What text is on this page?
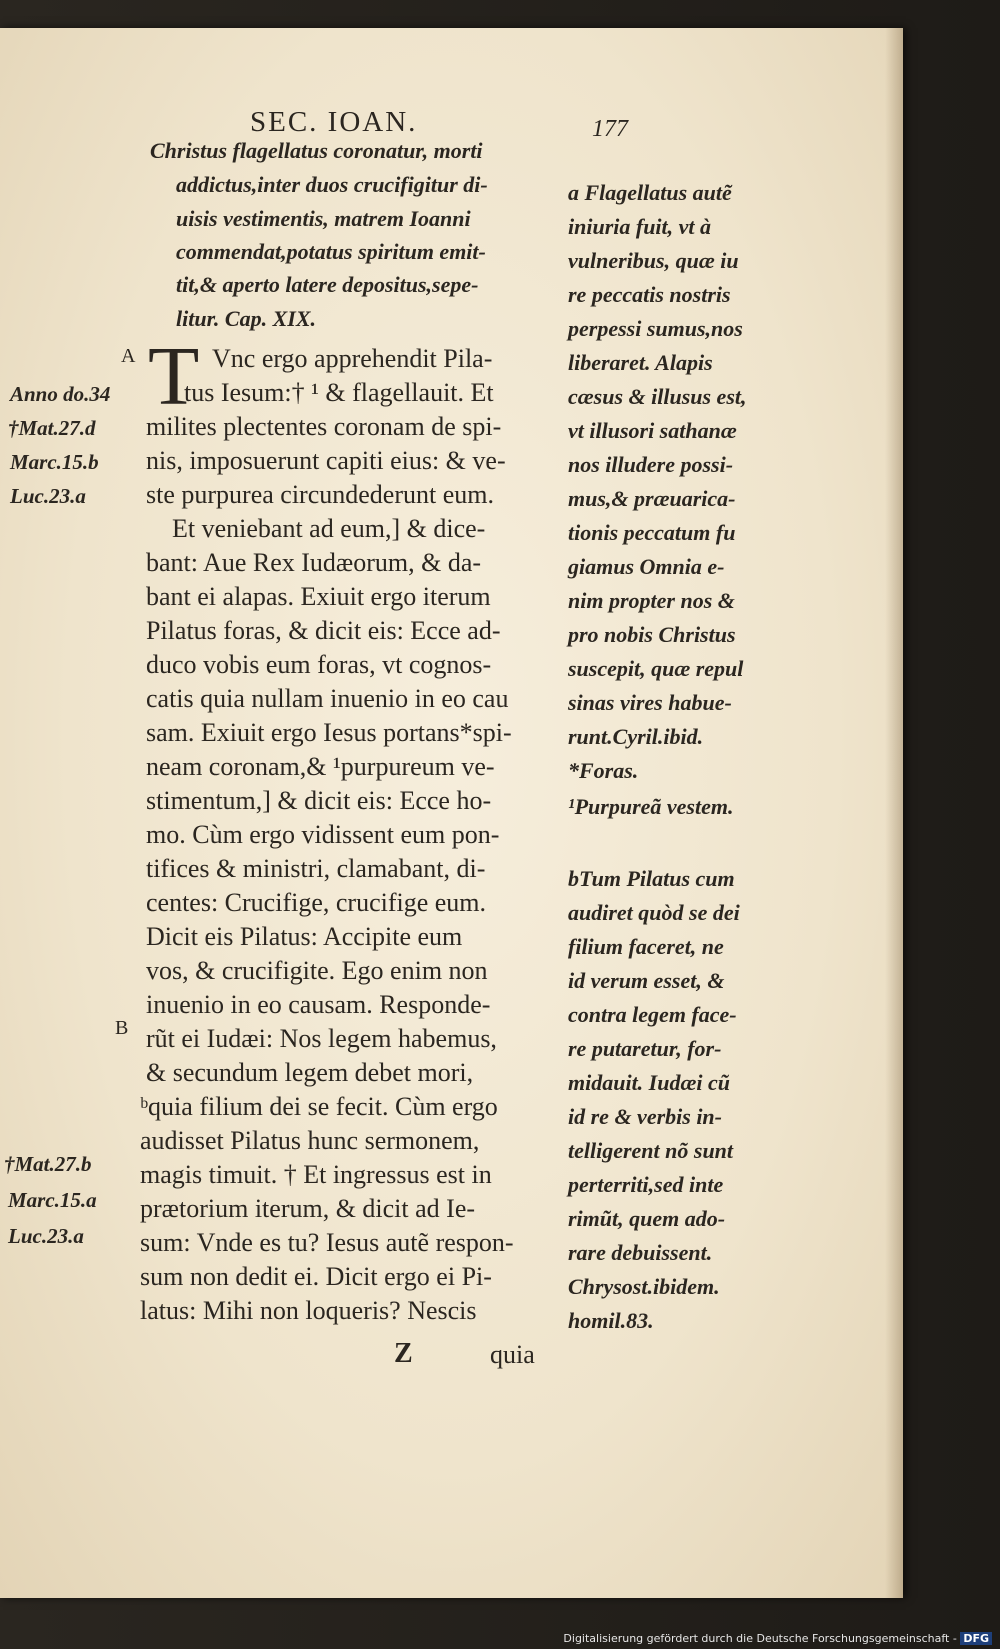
SEC. IOAN.	177
Christus flagellatus coronatur, morti
addictus,inter duos crucifigitur di-
uisis vestimentis, matrem Ioanni
commendat,potatus spiritum emit-
tit,& aperto latere depositus,sepe-
litur. Cap. XIX.
T
A
B
Anno do.34
†Mat.27.d
Marc.15.b
Luc.23.a
†Mat.27.b
Marc.15.a
Luc.23.a
Vnc ergo apprehendit Pila-
tus Iesum:† ¹ & flagellauit. Et
milites plectentes coronam de spi-
nis, imposuerunt capiti eius: & ve-
ste purpurea circundederunt eum.
Et veniebant ad eum,] & dice-
bant: Aue Rex Iudæorum, & da-
bant ei alapas. Exiuit ergo iterum
Pilatus foras, & dicit eis: Ecce ad-
duco vobis eum foras, vt cognos-
catis quia nullam inuenio in eo cau
sam. Exiuit ergo Iesus portans*spi-
neam coronam,& ¹purpureum ve-
stimentum,] & dicit eis: Ecce ho-
mo. Cùm ergo vidissent eum pon-
tifices & ministri, clamabant, di-
centes: Crucifige, crucifige eum.
Dicit eis Pilatus: Accipite eum
vos, & crucifigite. Ego enim non
inuenio in eo causam. Responde-
rũt ei Iudæi: Nos legem habemus,
& secundum legem debet mori,
ᵇquia filium dei se fecit. Cùm ergo
audisset Pilatus hunc sermonem,
magis timuit. † Et ingressus est in
prætorium iterum, & dicit ad Ie-
sum: Vnde es tu? Iesus autẽ respon-
sum non dedit ei. Dicit ergo ei Pi-
latus: Mihi non loqueris? Nescis
a Flagellatus autẽ
iniuria fuit, vt à
vulneribus, quæ iu
re peccatis nostris
perpessi sumus,nos
liberaret. Alapis
cæsus & illusus est,
vt illusori sathanæ
nos illudere possi-
mus,& præuarica-
tionis peccatum fu
giamus Omnia e-
nim propter nos &
pro nobis Christus
suscepit, quæ repul
sinas vires habue-
runt.Cyril.ibid.
*Foras.
¹Purpureã vestem.
bTum Pilatus cum
audiret quòd se dei
filium faceret, ne
id verum esset, &
contra legem face-
re putaretur, for-
midauit. Iudæi cũ
id re & verbis in-
telligerent nõ sunt
perterriti,sed inte
rimũt, quem ado-
rare debuissent.
Chrysost.ibidem.
homil.83.
Z	quia
Digitalisierung gefördert durch die Deutsche Forschungsgemeinschaft - DFG
